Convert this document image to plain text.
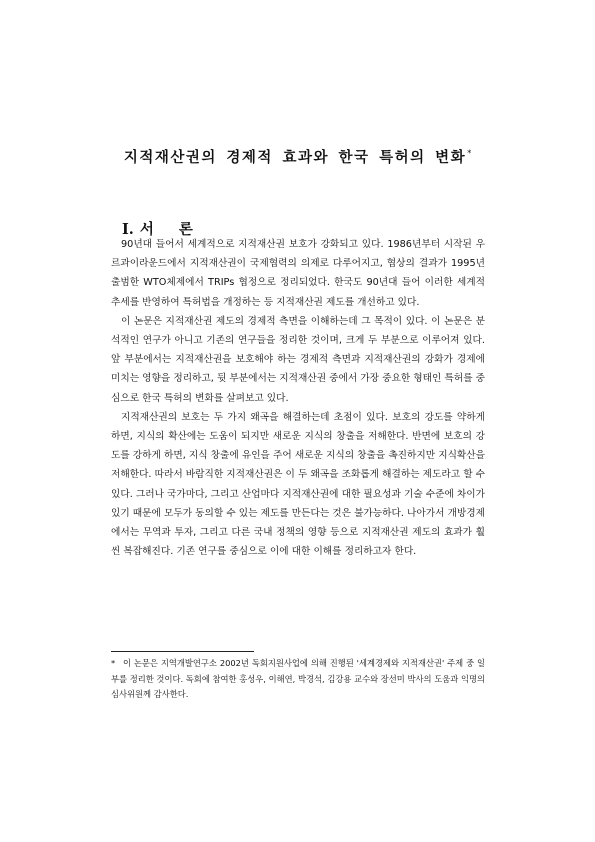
지적재산권의 경제적 효과와 한국 특허의 변화*
I. 서 론

90년대 들어서 세계적으로 지적재산권 보호가 강화되고 있다. 1986년부터 시작된 우르과이라운드에서 지적재산권이 국제협력의 의제로 다루어지고, 협상의 결과가 1995년 출범한 WTO체제에서 TRIPs 협정으로 정리되었다. 한국도 90년대 들어 이러한 세계적 추세를 반영하여 특허법을 개정하는 등 지적재산권 제도를 개선하고 있다.

이 논문은 지적재산권 제도의 경제적 측면을 이해하는데 그 목적이 있다. 이 논문은 분석적인 연구가 아니고 기존의 연구들을 정리한 것이며, 크게 두 부분으로 이루어져 있다. 앞 부분에서는 지적재산권을 보호해야 하는 경제적 측면과 지적재산권의 강화가 경제에 미치는 영향을 정리하고, 뒷 부분에서는 지적재산권 중에서 가장 중요한 형태인 특허를 중심으로 한국 특허의 변화를 살펴보고 있다.

지적재산권의 보호는 두 가지 왜곡을 해결하는데 초점이 있다. 보호의 강도를 약하게 하면, 지식의 확산에는 도움이 되지만 새로운 지식의 창출을 저해한다. 반면에 보호의 강도를 강하게 하면, 지식 창출에 유인을 주어 새로운 지식의 창출을 촉진하지만 지식확산을 저해한다. 따라서 바람직한 지적재산권은 이 두 왜곡을 조화롭게 해결하는 제도라고 할 수 있다. 그러나 국가마다, 그리고 산업마다 지적재산권에 대한 필요성과 기술 수준에 차이가 있기 때문에 모두가 동의할 수 있는 제도를 만든다는 것은 불가능하다. 나아가서 개방경제에서는 무역과 투자, 그리고 다른 국내 정책의 영향 등으로 지적재산권 제도의 효과가 훨씬 복잡해진다. 기존 연구를 중심으로 이에 대한 이해를 정리하고자 한다.

* 이 논문은 지역개발연구소 2002년 독회지원사업에 의해 진행된 '세계경제와 지적재산권' 주제 중 일부를 정리한 것이다. 독회에 참여한 홍성우, 이해연, 박경석, 김강용 교수와 장선미 박사의 도움과 익명의 심사위원께 감사한다.
